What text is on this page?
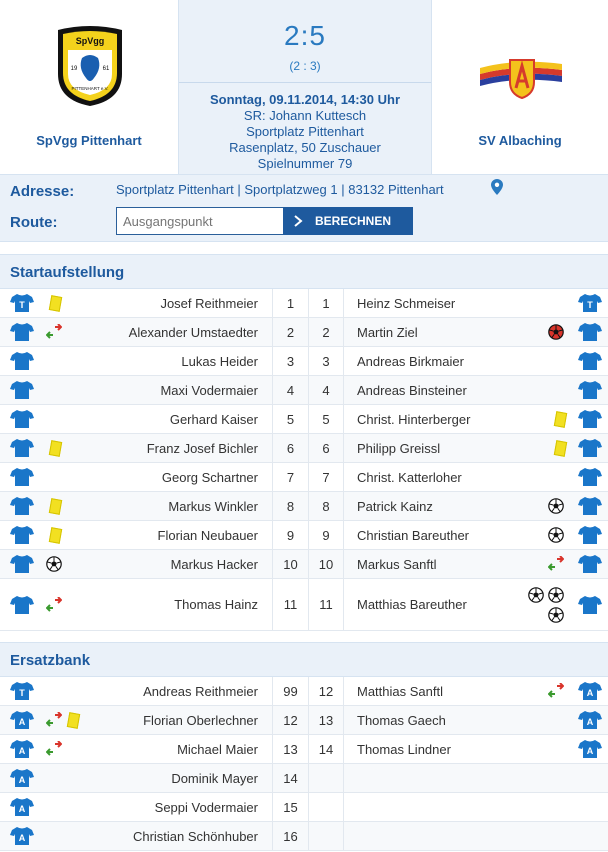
SpVgg
19	61
PITTENHART e.V.
SpVgg Pittenhart
2:5
(2 : 3)
Sonntag, 09.11.2014, 14:30 Uhr
SR: Johann Kuttesch
Sportplatz Pittenhart
Rasenplatz, 50 Zuschauer
Spielnummer 79
SV Albaching
Adresse:	Sportplatz Pittenhart | Sportplatzweg 1 | 83132 Pittenhart
Route:
Ausgangspunkt	BERECHNEN
Startaufstellung
T	Josef Reithmeier 1 1 Heinz Schmeiser	T
Alexander Umstaedter 2 2 Martin Ziel
Lukas Heider 3 3 Andreas Birkmaier
Maxi Vodermaier 4 4 Andreas Binsteiner
Gerhard Kaiser 5 5 Christ. Hinterberger
Franz Josef Bichler 6 6 Philipp Greissl
Georg Schartner 7 7 Christ. Katterloher
Markus Winkler 8 8 Patrick Kainz
Florian Neubauer 9 9 Christian Bareuther
Markus Hacker 10 10 Markus Sanftl
Thomas Hainz 11 11 Matthias Bareuther
Ersatzbank
T	Andreas Reithmeier 99 12 Matthias Sanftl	A
A	Florian Oberlechner 12 13 Thomas Gaech	A
A	Michael Maier 13 14 Thomas Lindner	A
A	Dominik Mayer 14
A	Seppi Vodermaier 15
A	Christian Schönhuber 16
